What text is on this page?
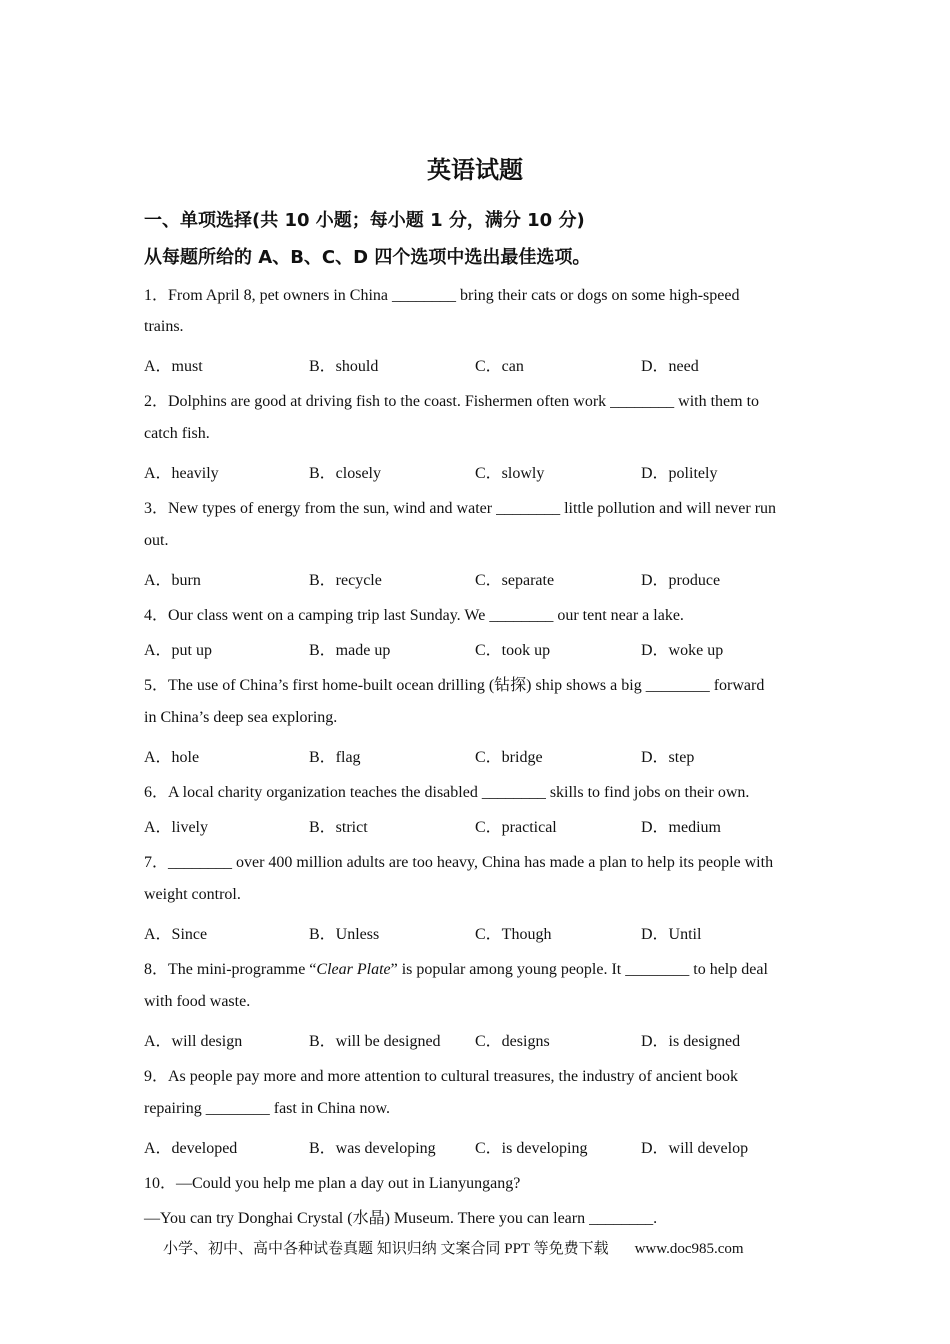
英语试题
一、单项选择(共 10 小题；每小题 1 分，满分 10 分)
从每题所给的 A、B、C、D 四个选项中选出最佳选项。
1．From April 8, pet owners in China ________ bring their cats or dogs on some high-speed
trains.
A．must	B．should	C．can	D．need
2．Dolphins are good at driving fish to the coast. Fishermen often work ________ with them to
catch fish.
A．heavily	B．closely	C．slowly	D．politely
3．New types of energy from the sun, wind and water ________ little pollution and will never run
out.
A．burn	B．recycle	C．separate	D．produce
4．Our class went on a camping trip last Sunday. We ________ our tent near a lake.
A．put up	B．made up	C．took up	D．woke up
5．The use of China’s first home-built ocean drilling (钻探) ship shows a big ________ forward
in China’s deep sea exploring.
A．hole	B．flag	C．bridge	D．step
6．A local charity organization teaches the disabled ________ skills to find jobs on their own.
A．lively	B．strict	C．practical	D．medium
7．________ over 400 million adults are too heavy, China has made a plan to help its people with
weight control.
A．Since	B．Unless	C．Though	D．Until
8．The mini-programme “Clear Plate” is popular among young people. It ________ to help deal
with food waste.
A．will design	B．will be designed C．designs	D．is designed
9．As people pay more and more attention to cultural treasures, the industry of ancient book
repairing ________ fast in China now.
A．developed	B．was developing C．is developing	D．will develop
10．—Could you help me plan a day out in Lianyungang?
—You can try Donghai Crystal (水晶) Museum. There you can learn ________.
小学、初中、高中各种试卷真题 知识归纳 文案合同 PPT 等免费下载 www.doc985.com
